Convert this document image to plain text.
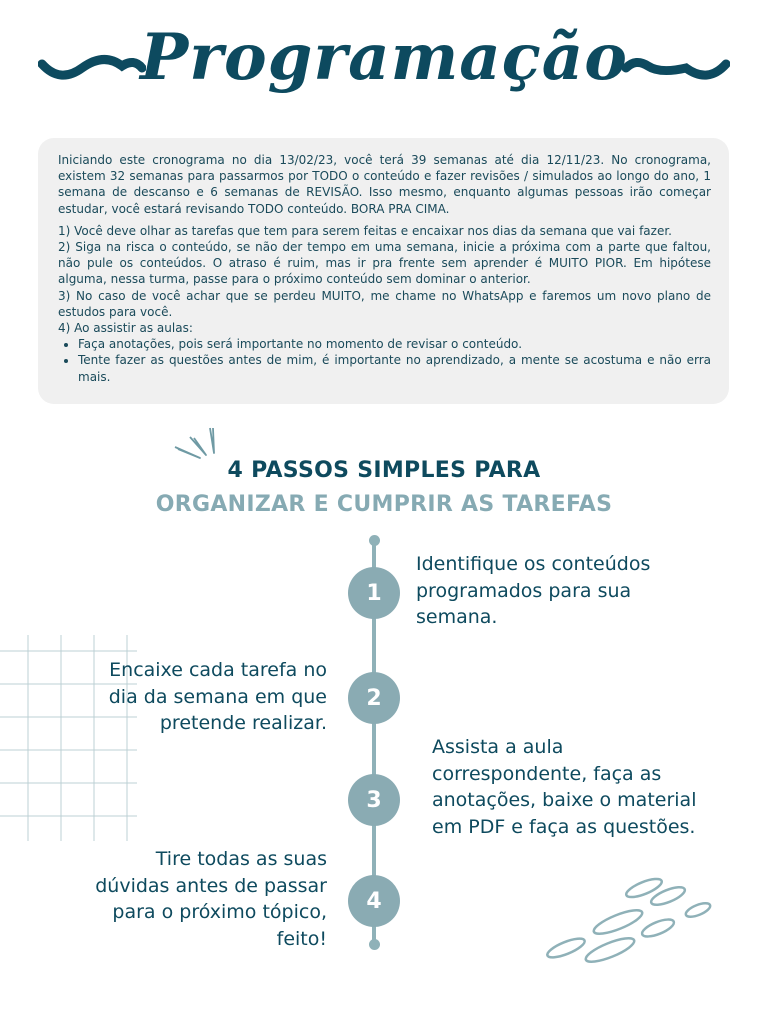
Programação

Iniciando este cronograma no dia 13/02/23, você terá 39 semanas até dia 12/11/23. No cronograma, existem 32 semanas para passarmos por TODO o conteúdo e fazer revisões / simulados ao longo do ano, 1 semana de descanso e 6 semanas de REVISÃO. Isso mesmo, enquanto algumas pessoas irão começar estudar, você estará revisando TODO conteúdo. BORA PRA CIMA.

1) Você deve olhar as tarefas que tem para serem feitas e encaixar nos dias da semana que vai fazer.

2) Siga na risca o conteúdo, se não der tempo em uma semana, inicie a próxima com a parte que faltou, não pule os conteúdos. O atraso é ruim, mas ir pra frente sem aprender é MUITO PIOR. Em hipótese alguma, nessa turma, passe para o próximo conteúdo sem dominar o anterior.

3) No caso de você achar que se perdeu MUITO, me chame no WhatsApp e faremos um novo plano de estudos para você.

4) Ao assistir as aulas:

• Faça anotações, pois será importante no momento de revisar o conteúdo.
• Tente fazer as questões antes de mim, é importante no aprendizado, a mente se acostuma e não erra mais.
4 PASSOS SIMPLES PARA
ORGANIZAR E CUMPRIR AS TAREFAS
1
2
3
4
Identifique os conteúdos programados para sua semana.
Encaixe cada tarefa no dia da semana em que pretende realizar.
Assista a aula correspondente, faça as anotações, baixe o material em PDF e faça as questões.
Tire todas as suas dúvidas antes de passar para o próximo tópico, feito!
